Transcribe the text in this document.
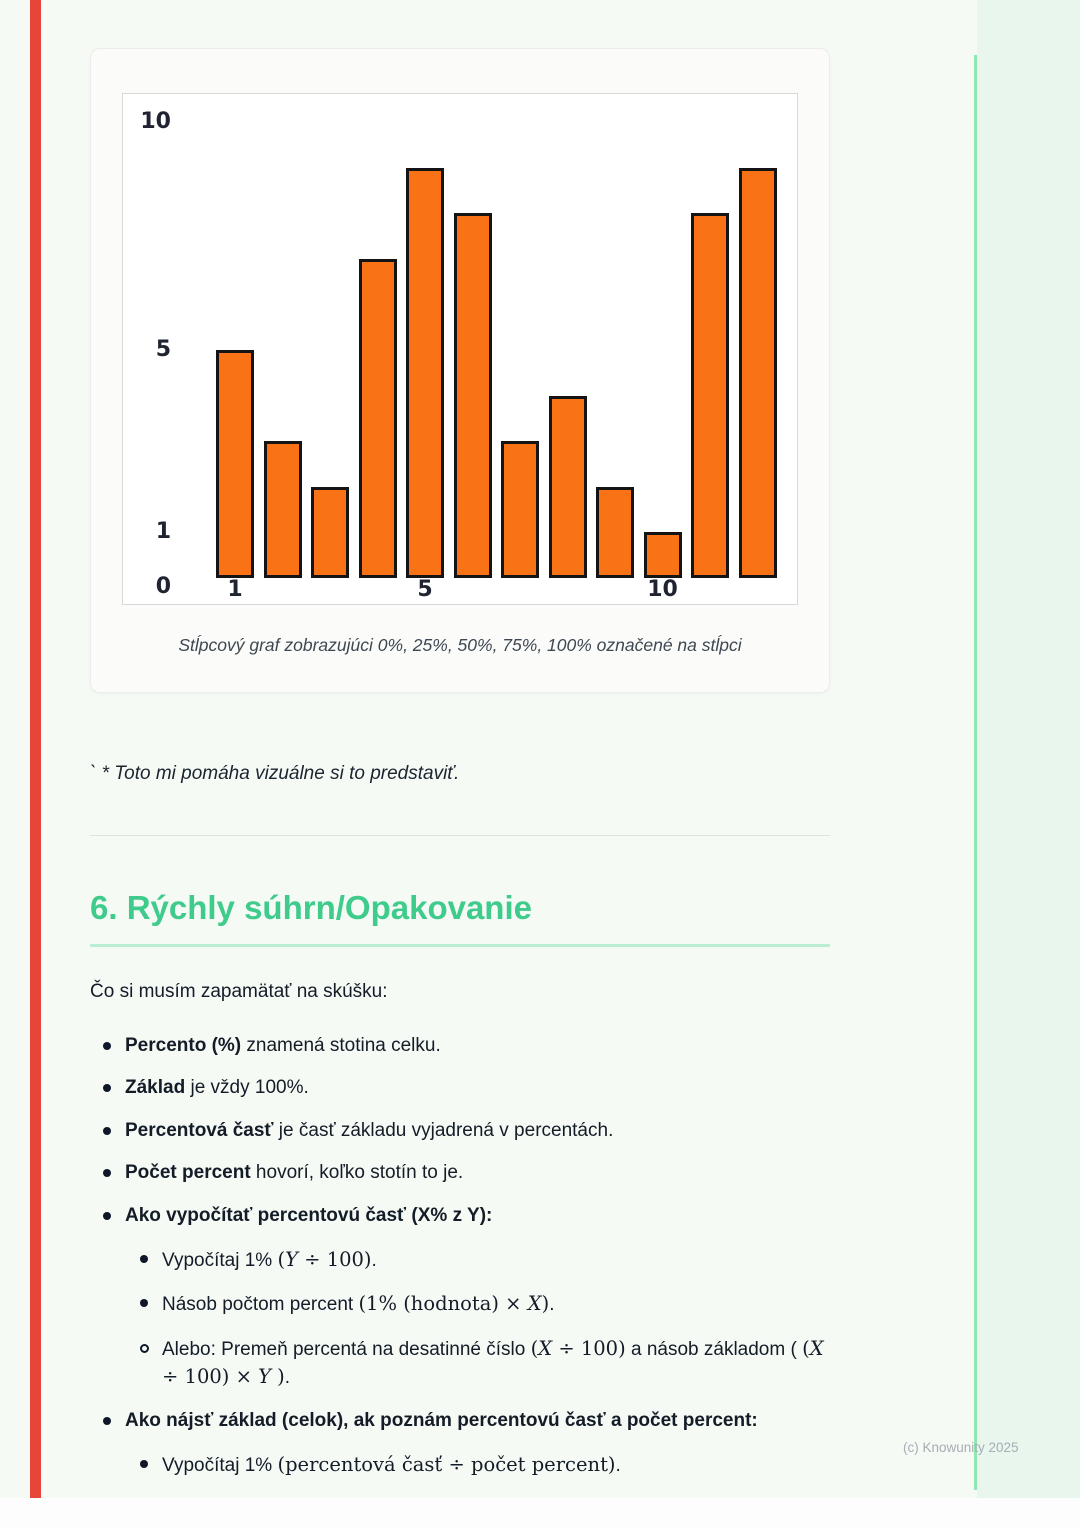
10
5
1
0	1	5	10
Stĺpcový graf zobrazujúci 0%, 25%, 50%, 75%, 100% označené na stĺpci

` * Toto mi pomáha vizuálne si to predstaviť.

6. Rýchly súhrn/Opakovanie

Čo si musím zapamätať na skúšku:

Percento (%) znamená stotina celku.
Základ je vždy 100%.
Percentová časť je časť základu vyjadrená v percentách.
Počet percent hovorí, koľko stotín to je.
Ako vypočítať percentovú časť (X% z Y):
Vypočítaj 1% (Y ÷ 100).
Násob počtom percent (1% (hodnota) × X).
Alebo: Premeň percentá na desatinné číslo (X ÷ 100) a násob základom ( (X ÷ 100) × Y ).
Ako nájsť základ (celok), ak poznám percentovú časť a počet percent:
Vypočítaj 1% (percentová časť ÷ počet percent).
(c) Knowunity 2025
